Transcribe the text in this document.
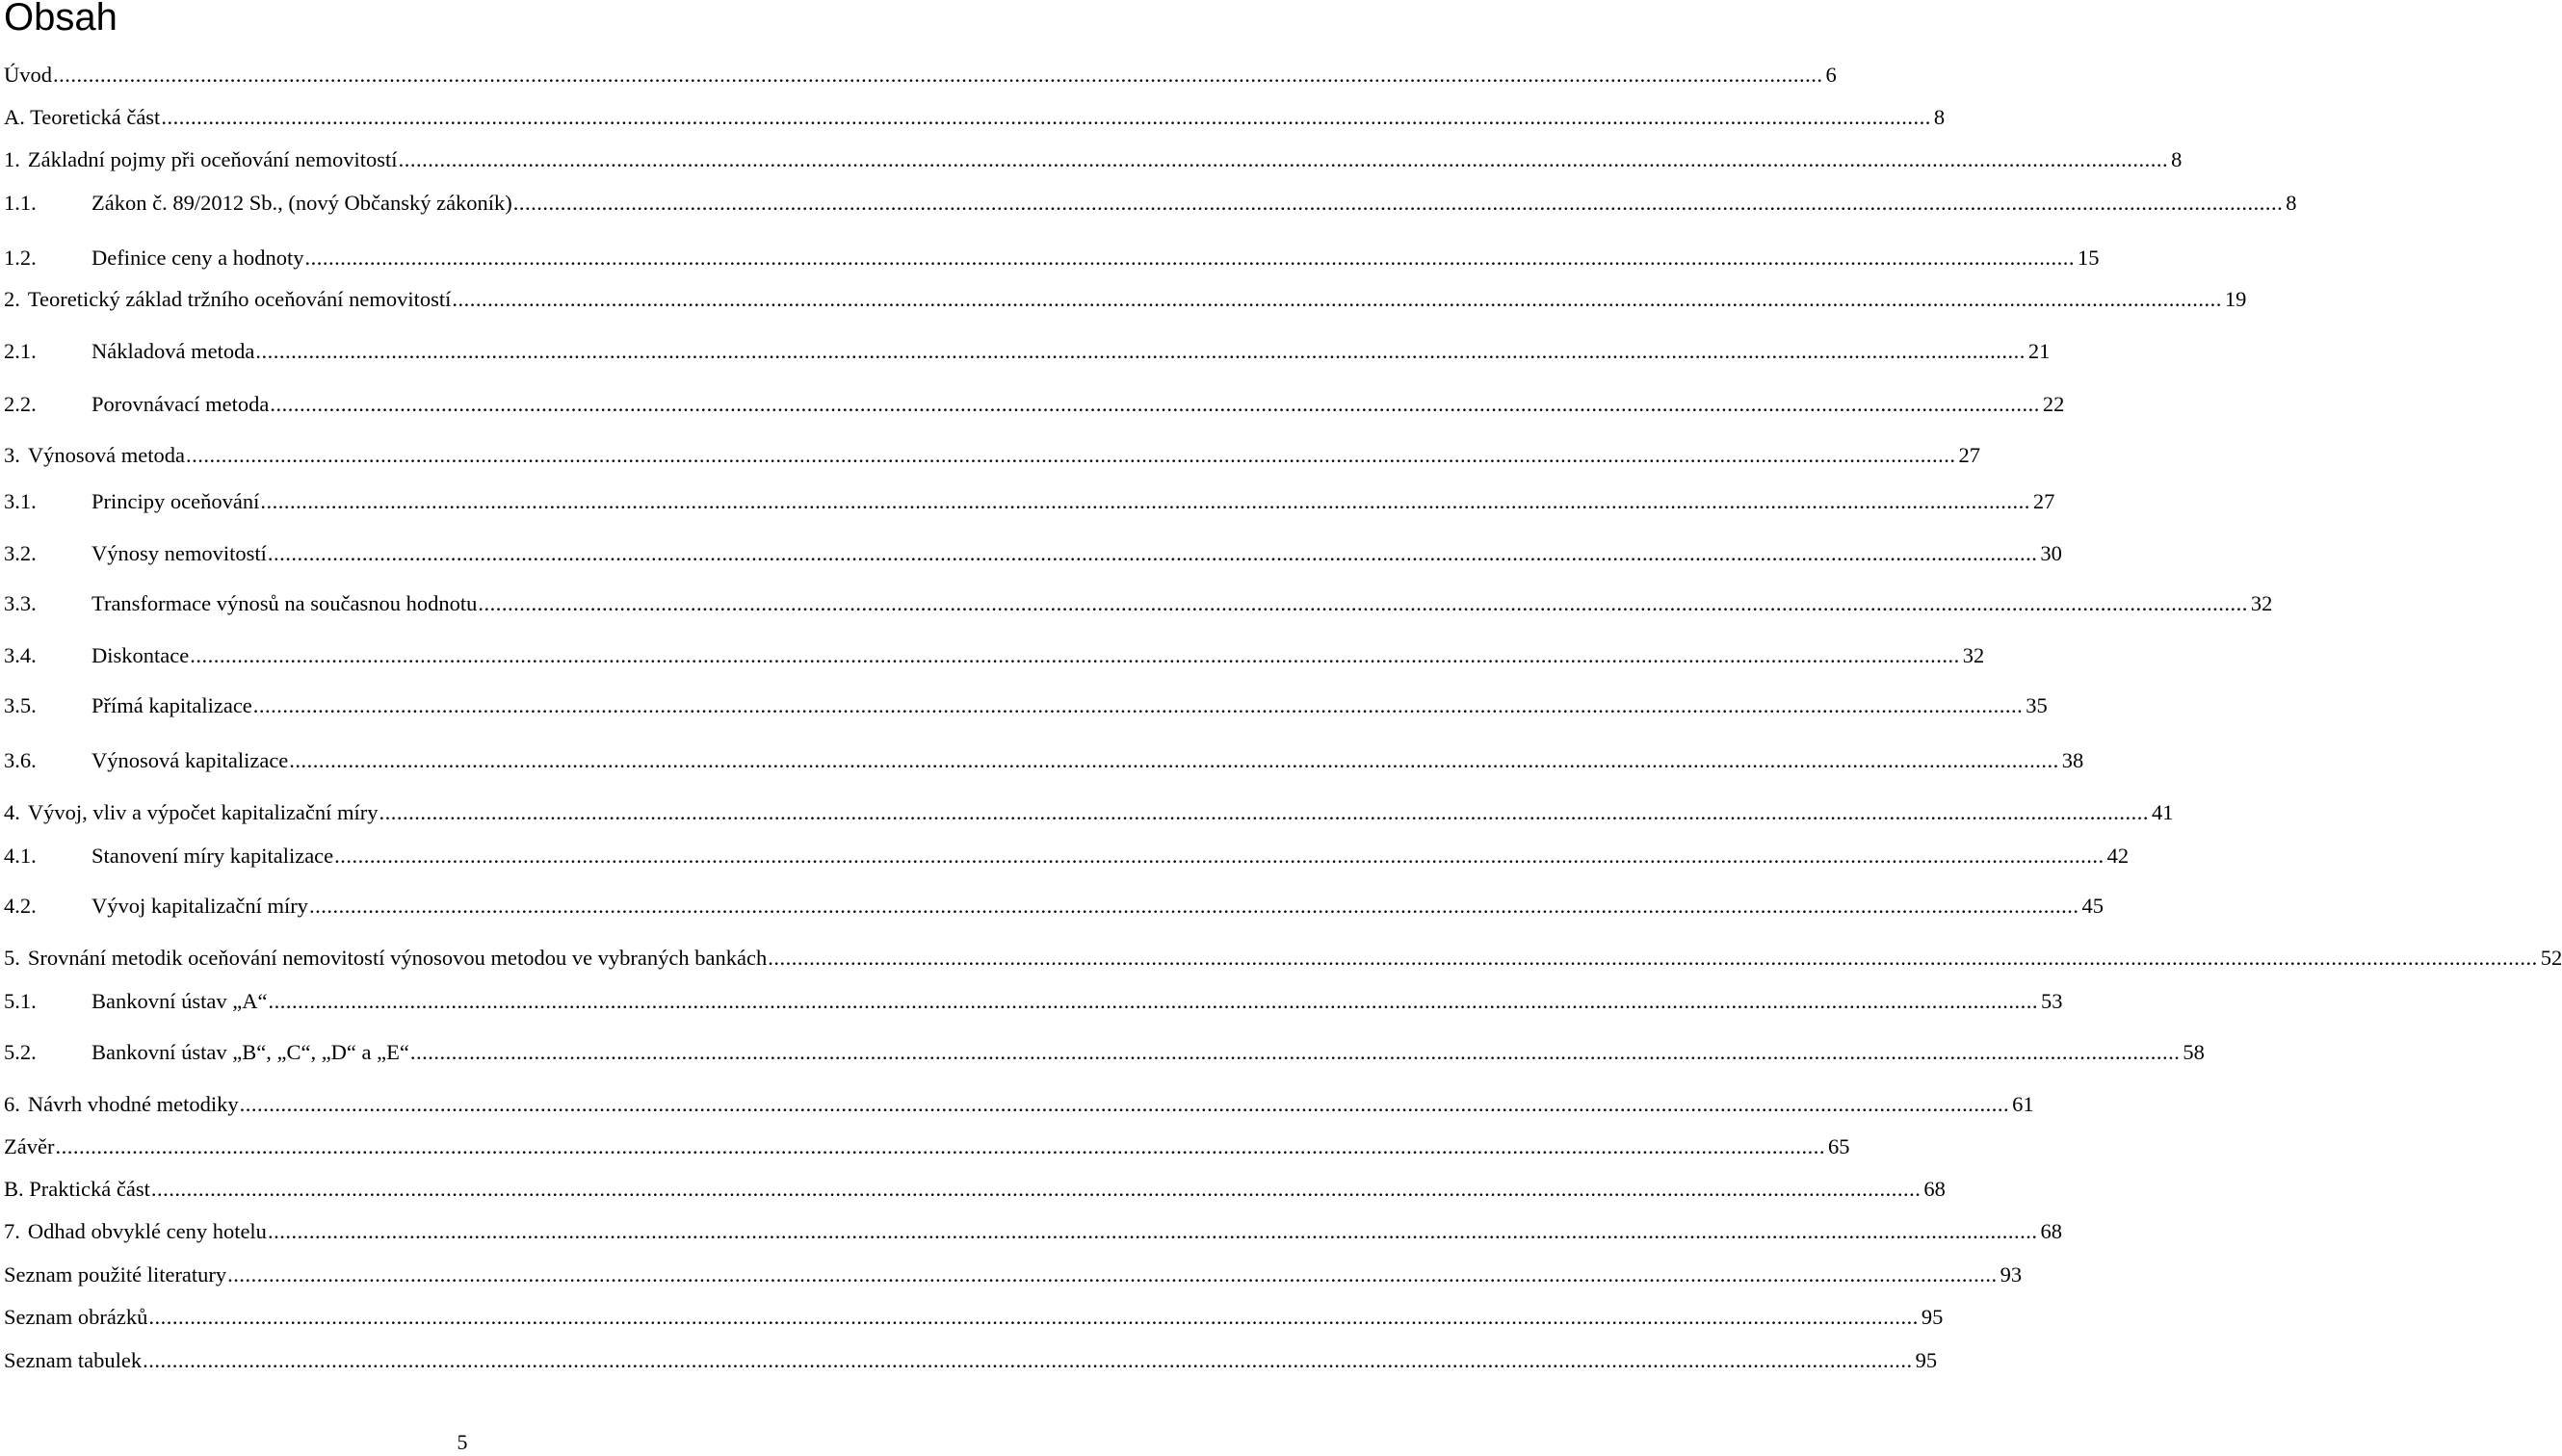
Obsah
Úvod ............................................................................................................................................................................................................................................................................................................ 6
A. Teoretická část ............................................................................................................................................................................................................................................................................................................ 8
1. Základní pojmy při oceňování nemovitostí ............................................................................................................................................................................................................................................................................................................ 8
1.1.	Zákon č. 89/2012 Sb., (nový Občanský zákoník) ............................................................................................................................................................................................................................................................................................................ 8
1.2.	Definice ceny a hodnoty ............................................................................................................................................................................................................................................................................................................ 15
2. Teoretický základ tržního oceňování nemovitostí ............................................................................................................................................................................................................................................................................................................ 19
2.1.	Nákladová metoda ............................................................................................................................................................................................................................................................................................................ 21
2.2.	Porovnávací metoda ............................................................................................................................................................................................................................................................................................................ 22
3. Výnosová metoda ............................................................................................................................................................................................................................................................................................................ 27
3.1.	Principy oceňování ............................................................................................................................................................................................................................................................................................................ 27
3.2.	Výnosy nemovitostí ............................................................................................................................................................................................................................................................................................................ 30
3.3.	Transformace výnosů na současnou hodnotu ............................................................................................................................................................................................................................................................................................................ 32
3.4.	Diskontace ............................................................................................................................................................................................................................................................................................................ 32
3.5.	Přímá kapitalizace ............................................................................................................................................................................................................................................................................................................ 35
3.6.	Výnosová kapitalizace ............................................................................................................................................................................................................................................................................................................ 38
4. Vývoj, vliv a výpočet kapitalizační míry ............................................................................................................................................................................................................................................................................................................ 41
4.1.	Stanovení míry kapitalizace ............................................................................................................................................................................................................................................................................................................ 42
4.2.	Vývoj kapitalizační míry ............................................................................................................................................................................................................................................................................................................ 45
5. Srovnání metodik oceňování nemovitostí výnosovou metodou ve vybraných bankách ............................................................................................................................................................................................................................................................................................................ 52
5.1.	Bankovní ústav „A“ ............................................................................................................................................................................................................................................................................................................ 53
5.2.	Bankovní ústav „B“, „C“, „D“ a „E“ ............................................................................................................................................................................................................................................................................................................ 58
6. Návrh vhodné metodiky ............................................................................................................................................................................................................................................................................................................ 61
Závěr ............................................................................................................................................................................................................................................................................................................ 65
B. Praktická část ............................................................................................................................................................................................................................................................................................................ 68
7. Odhad obvyklé ceny hotelu ............................................................................................................................................................................................................................................................................................................ 68
Seznam použité literatury ............................................................................................................................................................................................................................................................................................................ 93
Seznam obrázků ............................................................................................................................................................................................................................................................................................................ 95
Seznam tabulek ............................................................................................................................................................................................................................................................................................................ 95
5
